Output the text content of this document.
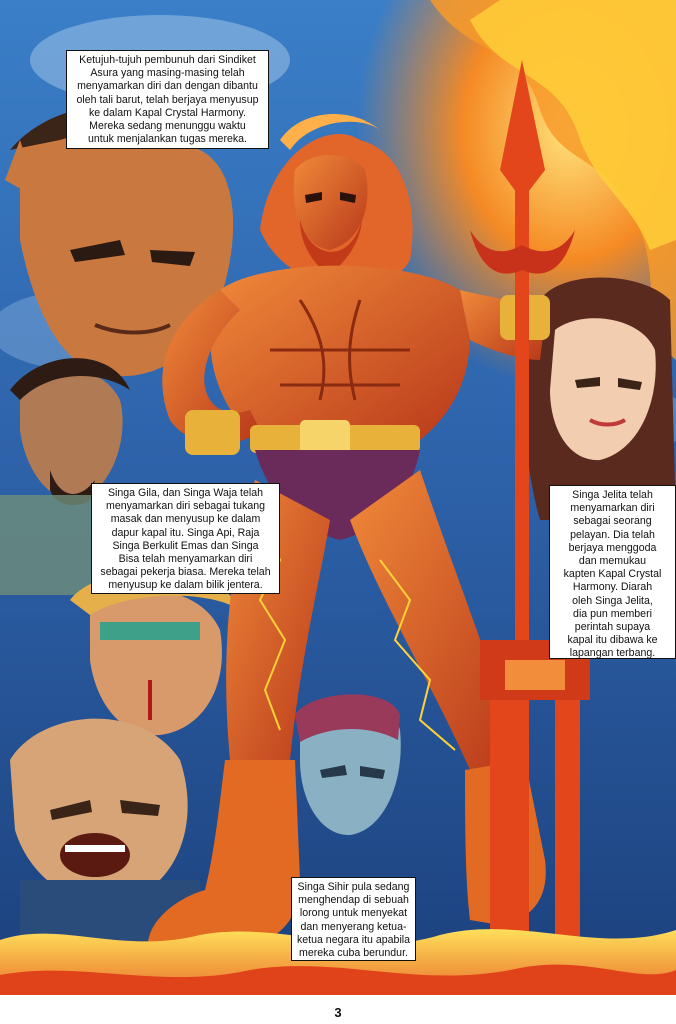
Ketujuh-tujuh pembunuh dari Sindiket
Asura yang masing-masing telah
menyamarkan diri dan dengan dibantu
oleh tali barut, telah berjaya menyusup
ke dalam Kapal Crystal Harmony.
Mereka sedang menunggu waktu
untuk menjalankan tugas mereka.
Singa Gila, dan Singa Waja telah
menyamarkan diri sebagai tukang
masak dan menyusup ke dalam
dapur kapal itu. Singa Api, Raja
Singa Berkulit Emas dan Singa
Bisa telah menyamarkan diri
sebagai pekerja biasa. Mereka telah
menyusup ke dalam bilik jentera.
Singa Jelita telah
menyamarkan diri
sebagai seorang
pelayan. Dia telah
berjaya menggoda
dan memukau
kapten Kapal Crystal
Harmony. Diarah
oleh Singa Jelita,
dia pun memberi
perintah supaya
kapal itu dibawa ke
lapangan terbang.
Singa Sihir pula sedang
menghendap di sebuah
lorong untuk menyekat
dan menyerang ketua-
ketua negara itu apabila
mereka cuba berundur.
3
